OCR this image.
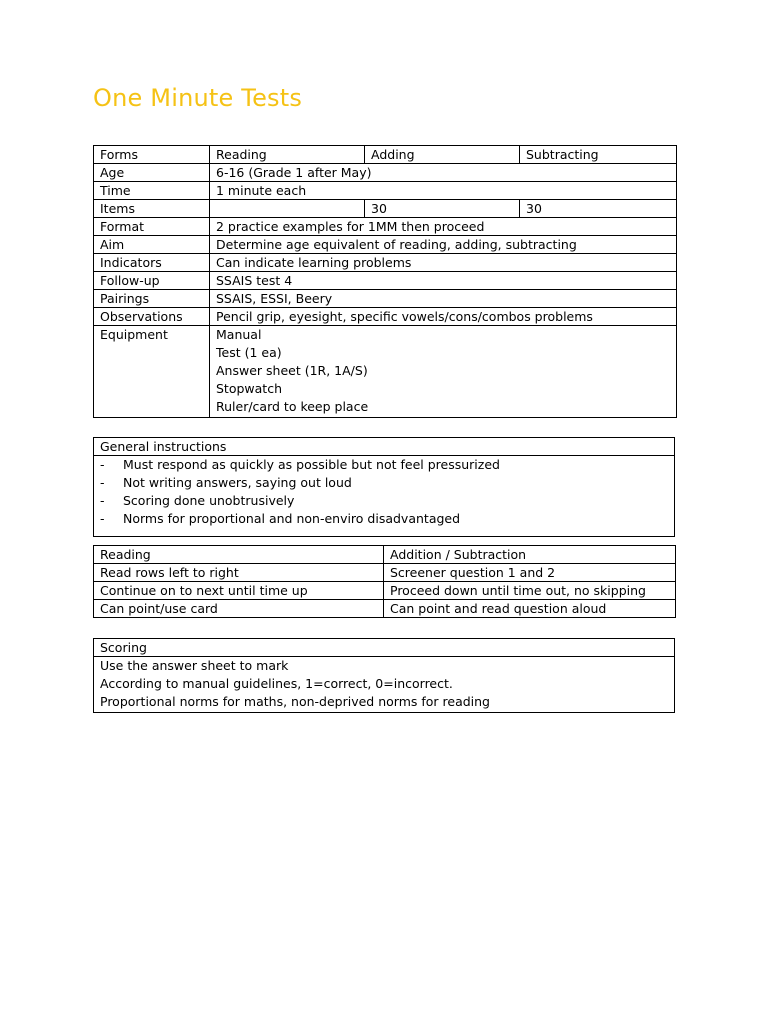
One Minute Tests
Forms	Reading	Adding	Subtracting
Age	6-16 (Grade 1 after May)		
Time	1 minute each		
Items		30	30
Format	2 practice examples for 1MM then proceed		
Aim	Determine age equivalent of reading, adding, subtracting		
Indicators	Can indicate learning problems		
Follow-up	SSAIS test 4		
Pairings	SSAIS, ESSI, Beery		
Observations	Pencil grip, eyesight, specific vowels/cons/combos problems		
Equipment	Manual
Test (1 ea)
Answer sheet (1R, 1A/S)
Stopwatch
Ruler/card to keep place		
General instructions

-	Must respond as quickly as possible but not feel pressurized
-	Not writing answers, saying out loud
-	Scoring done unobtrusively
-	Norms for proportional and non-enviro disadvantaged
Reading	Addition / Subtraction
Read rows left to right	Screener question 1 and 2
Continue on to next until time up	Proceed down until time out, no skipping
Can point/use card	Can point and read question aloud
Scoring

Use the answer sheet to mark
According to manual guidelines, 1=correct, 0=incorrect.
Proportional norms for maths, non-deprived norms for reading
